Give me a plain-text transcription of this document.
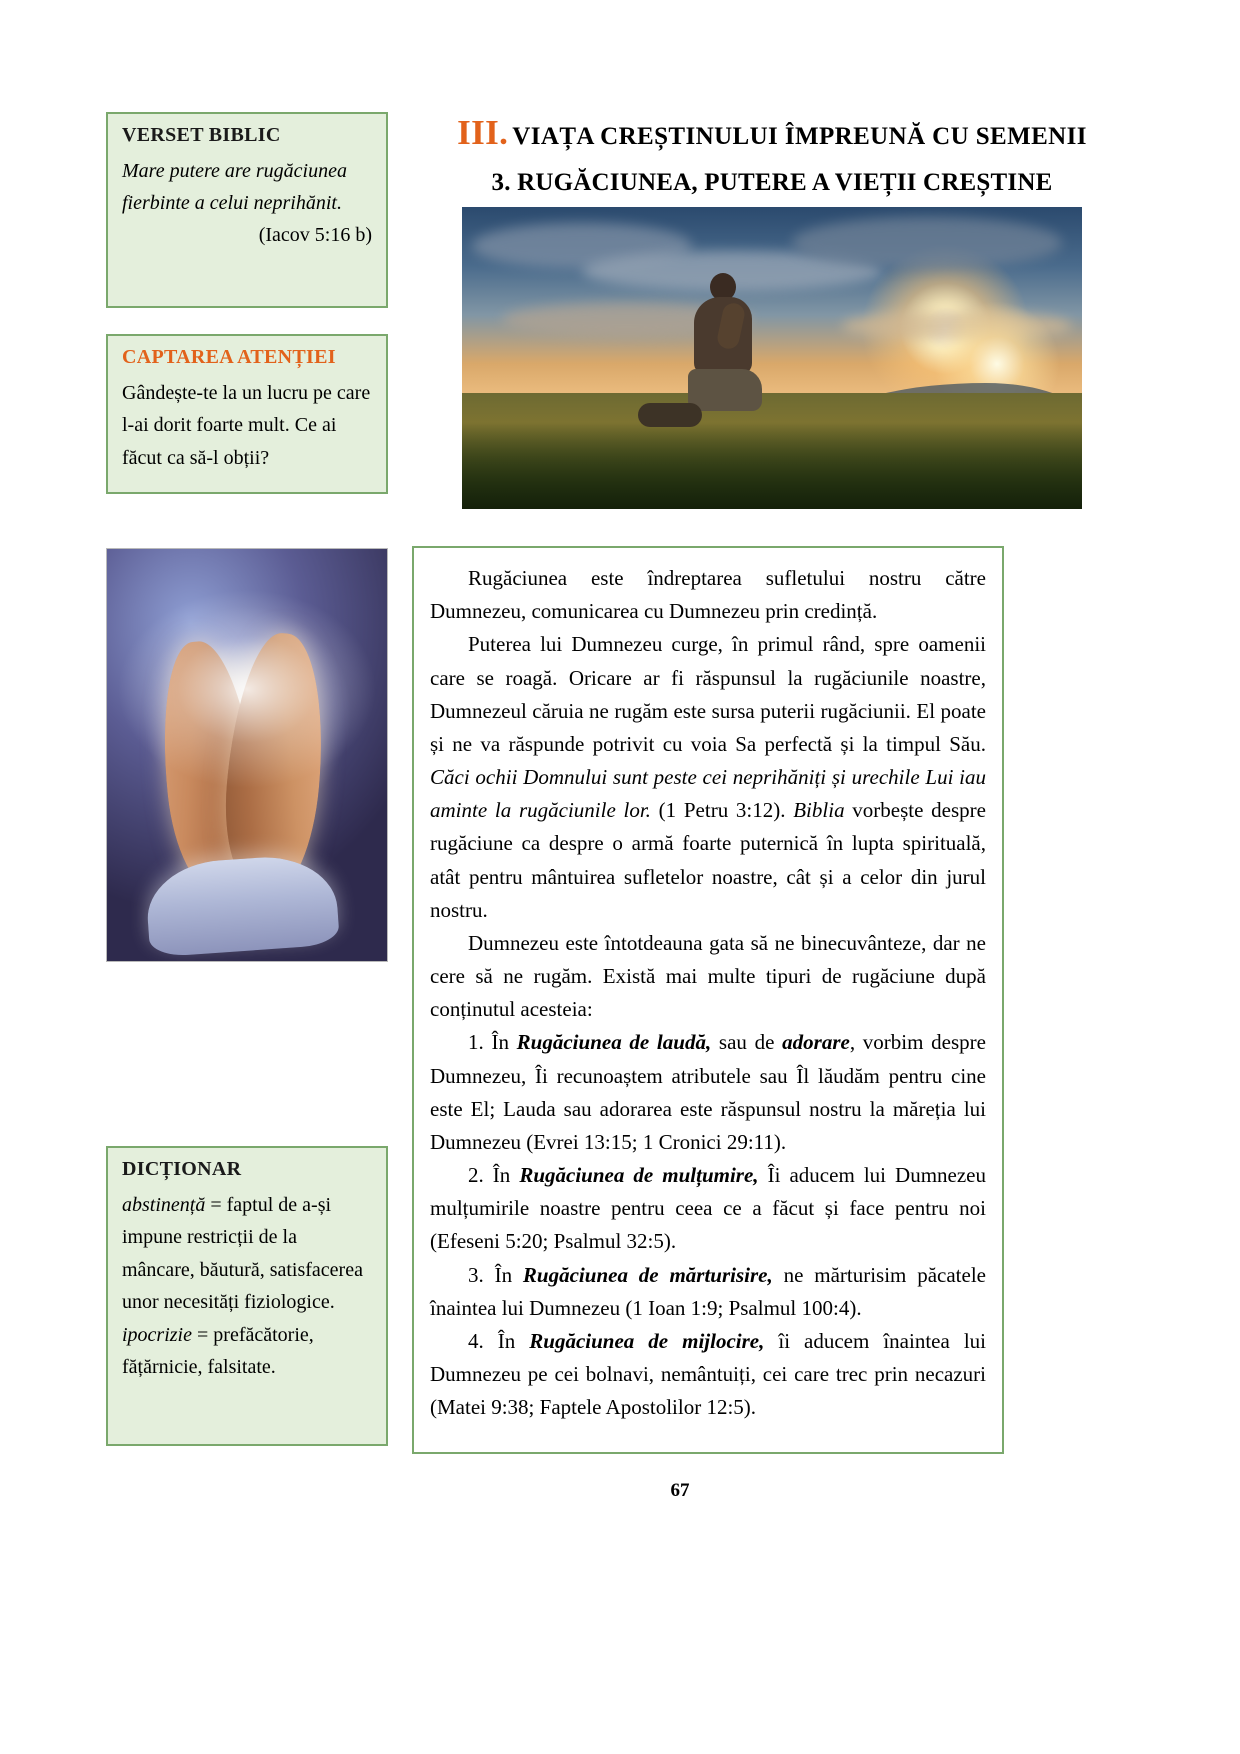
VERSET BIBLIC

Mare putere are rugăciunea fierbinte a celui neprihănit.

(Iacov 5:16 b)
CAPTAREA ATENȚIEI

Gândește-te la un lucru pe care l-ai dorit foarte mult. Ce ai făcut ca să-l obții?

DICȚIONAR

abstinență = faptul de a-și impune restricții de la mâncare, băutură, satisfacerea unor necesități fiziologice.

ipocrizie = prefăcătorie, fățărnicie, falsitate.

III. VIAȚA CREȘTINULUI ÎMPREUNĂ CU SEMENII
3. RUGĂCIUNEA, PUTERE A VIEȚII CREȘTINE

Rugăciunea este îndreptarea sufletului nostru către Dumnezeu, comunicarea cu Dumnezeu prin credință.

Puterea lui Dumnezeu curge, în primul rând, spre oamenii care se roagă. Oricare ar fi răspunsul la rugăciunile noastre, Dumnezeul căruia ne rugăm este sursa puterii rugăciunii. El poate și ne va răspunde potrivit cu voia Sa perfectă și la timpul Său. Căci ochii Domnului sunt peste cei neprihăniți și urechile Lui iau aminte la rugăciunile lor. (1 Petru 3:12). Biblia vorbește despre rugăciune ca despre o armă foarte puternică în lupta spirituală, atât pentru mântuirea sufletelor noastre, cât și a celor din jurul nostru.

Dumnezeu este întotdeauna gata să ne binecuvânteze, dar ne cere să ne rugăm. Există mai multe tipuri de rugăciune după conținutul acesteia:

1. În Rugăciunea de laudă, sau de adorare, vorbim despre Dumnezeu, Îi recunoaștem atributele sau Îl lăudăm pentru cine este El; Lauda sau adorarea este răspunsul nostru la măreția lui Dumnezeu (Evrei 13:15; 1 Cronici 29:11).

2. În Rugăciunea de mulțumire, Îi aducem lui Dumnezeu mulțumirile noastre pentru ceea ce a făcut și face pentru noi (Efeseni 5:20; Psalmul 32:5).

3. În Rugăciunea de mărturisire, ne mărturisim păcatele înaintea lui Dumnezeu (1 Ioan 1:9; Psalmul 100:4).

4. În Rugăciunea de mijlocire, îi aducem înaintea lui Dumnezeu pe cei bolnavi, nemântuiți, cei care trec prin necazuri (Matei 9:38; Faptele Apostolilor 12:5).

67
